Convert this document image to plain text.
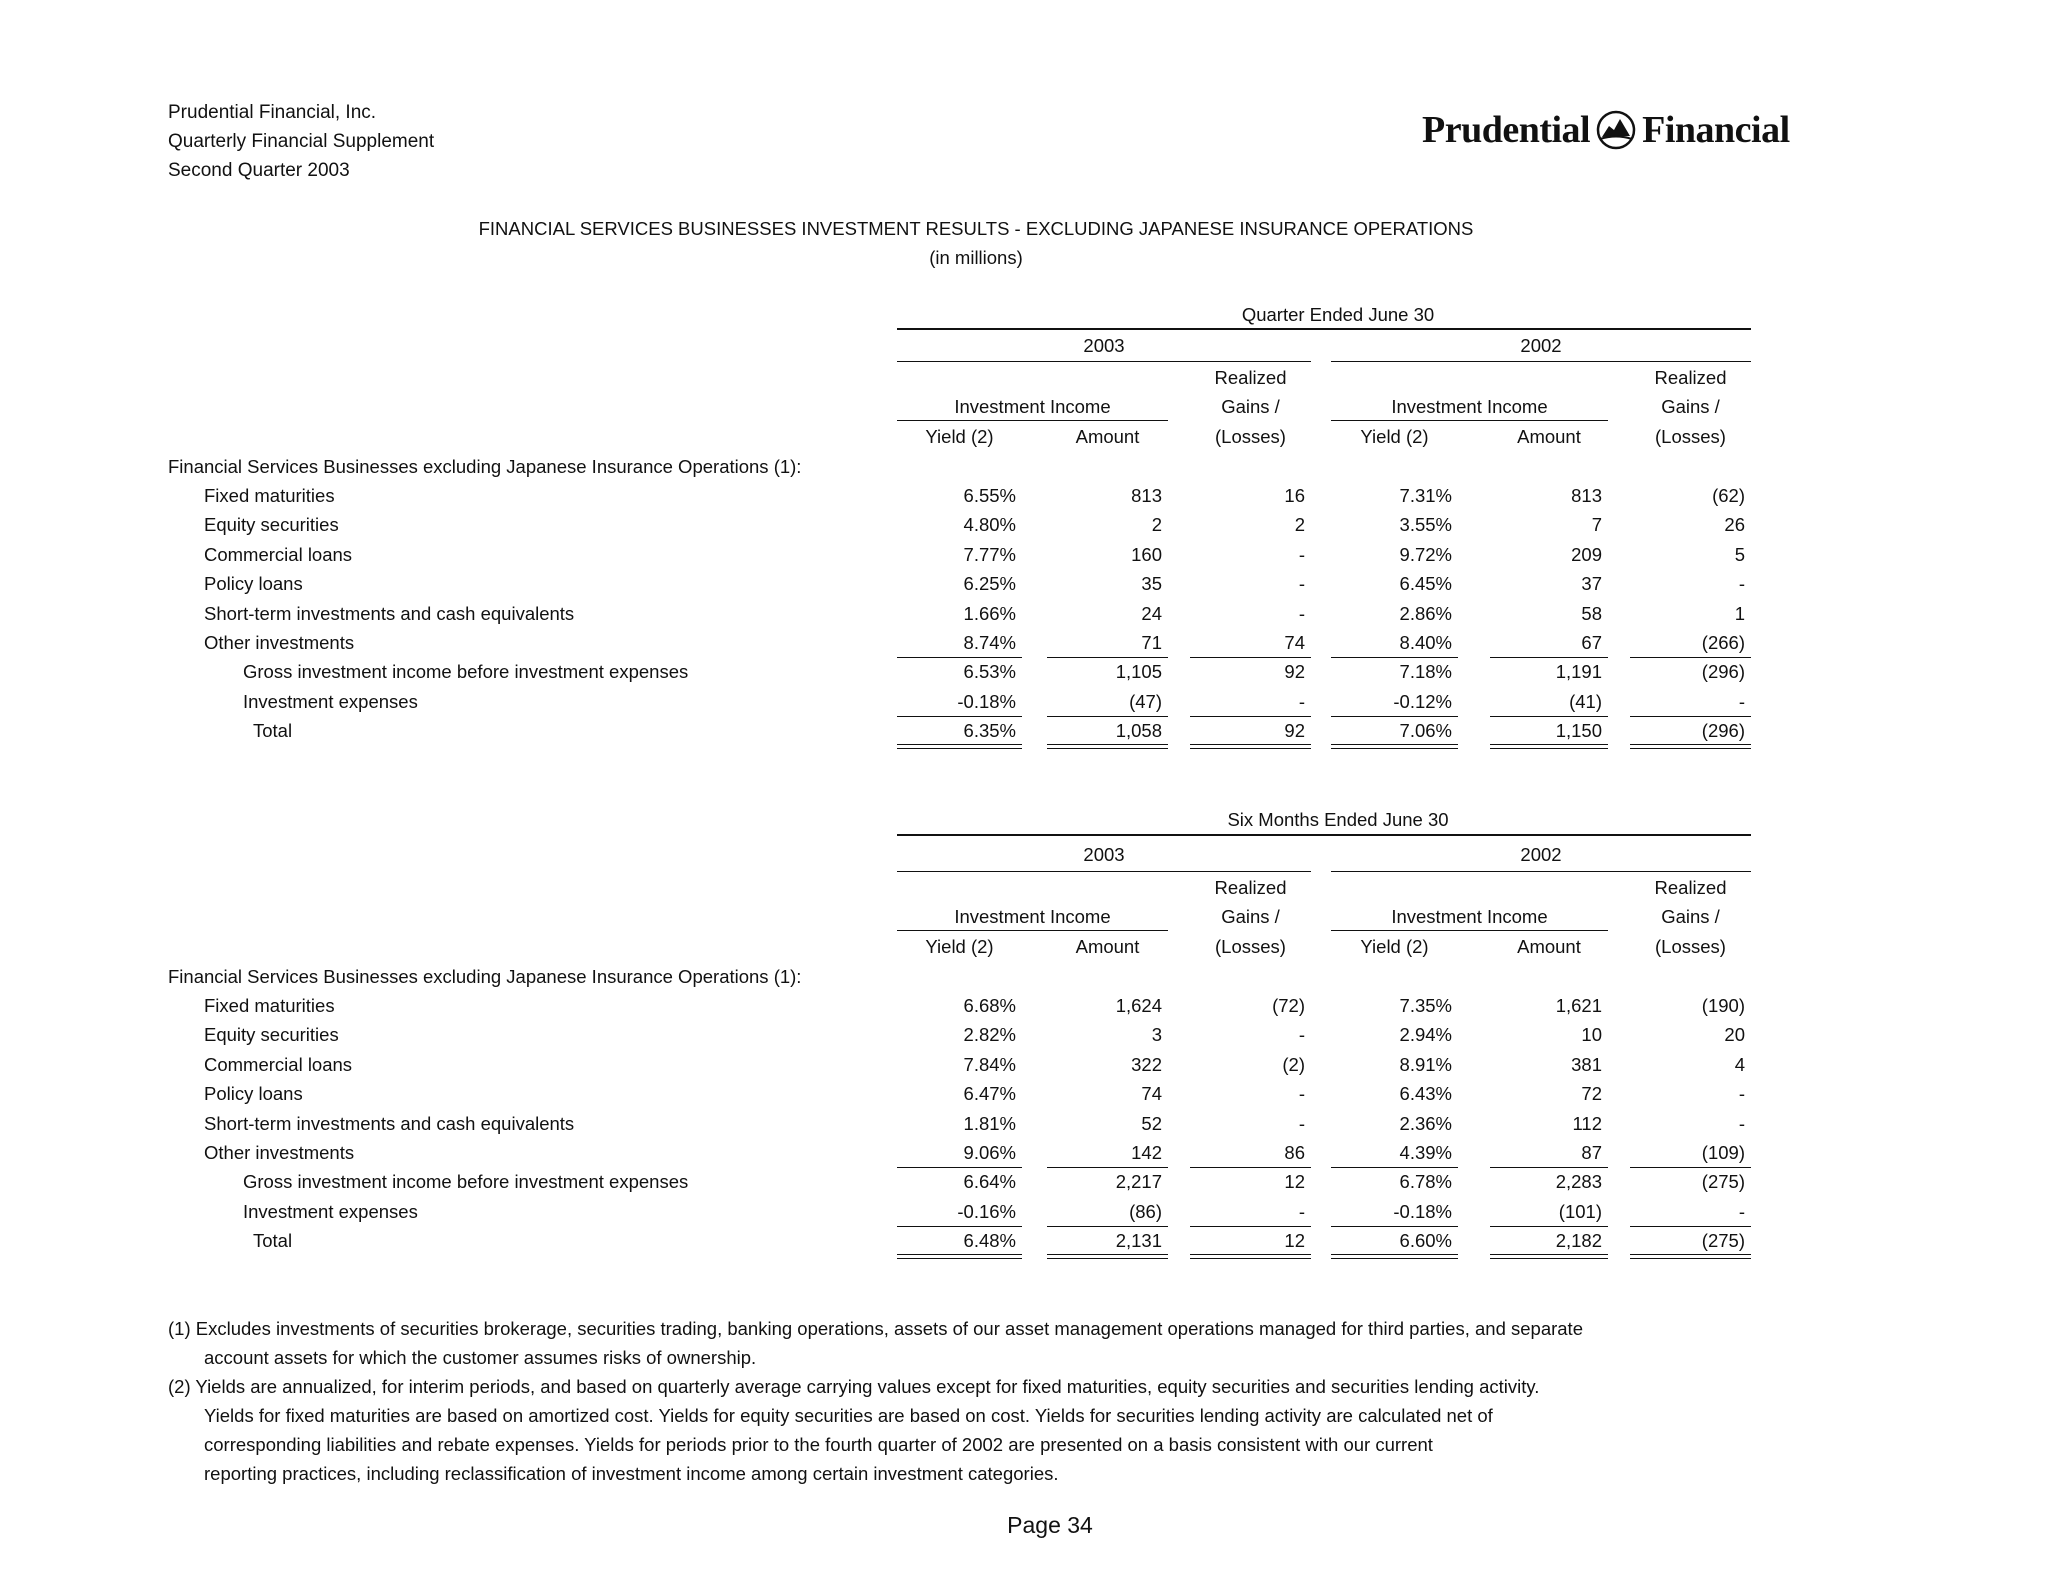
Prudential Financial, Inc.
Quarterly Financial Supplement
Second Quarter 2003
Prudential Financial
FINANCIAL SERVICES BUSINESSES INVESTMENT RESULTS - EXCLUDING JAPANESE INSURANCE OPERATIONS
(in millions)
Quarter Ended June 30
2003	2002
Realized	Realized
Investment Income	Gains /	Investment Income	Gains /
Yield (2)	Amount	(Losses)	Yield (2)	Amount	(Losses)
Financial Services Businesses excluding Japanese Insurance Operations (1):
Fixed maturities	6.55%	813	16	7.31%	813	(62)
Equity securities	4.80%	2	2	3.55%	7	26
Commercial loans	7.77%	160	-	9.72%	209	5
Policy loans	6.25%	35	-	6.45%	37	-
Short-term investments and cash equivalents	1.66%	24	-	2.86%	58	1
Other investments	8.74%	71	74	8.40%	67	(266)
Gross investment income before investment expenses	6.53%	1,105	92	7.18%	1,191	(296)
Investment expenses	-0.18%	(47)	-	-0.12%	(41)	-
Total	6.35%	1,058	92	7.06%	1,150	(296)
Six Months Ended June 30
2003	2002
Realized	Realized
Investment Income	Gains /	Investment Income	Gains /
Yield (2)	Amount	(Losses)	Yield (2)	Amount	(Losses)
Financial Services Businesses excluding Japanese Insurance Operations (1):
Fixed maturities	6.68%	1,624	(72)	7.35%	1,621	(190)
Equity securities	2.82%	3	-	2.94%	10	20
Commercial loans	7.84%	322	(2)	8.91%	381	4
Policy loans	6.47%	74	-	6.43%	72	-
Short-term investments and cash equivalents	1.81%	52	-	2.36%	112	-
Other investments	9.06%	142	86	4.39%	87	(109)
Gross investment income before investment expenses	6.64%	2,217	12	6.78%	2,283	(275)
Investment expenses	-0.16%	(86)	-	-0.18%	(101)	-
Total	6.48%	2,131	12	6.60%	2,182	(275)
(1) Excludes investments of securities brokerage, securities trading, banking operations, assets of our asset management operations managed for third parties, and separate
account assets for which the customer assumes risks of ownership.
(2) Yields are annualized, for interim periods, and based on quarterly average carrying values except for fixed maturities, equity securities and securities lending activity.
Yields for fixed maturities are based on amortized cost. Yields for equity securities are based on cost. Yields for securities lending activity are calculated net of
corresponding liabilities and rebate expenses. Yields for periods prior to the fourth quarter of 2002 are presented on a basis consistent with our current
reporting practices, including reclassification of investment income among certain investment categories.
Page 34
